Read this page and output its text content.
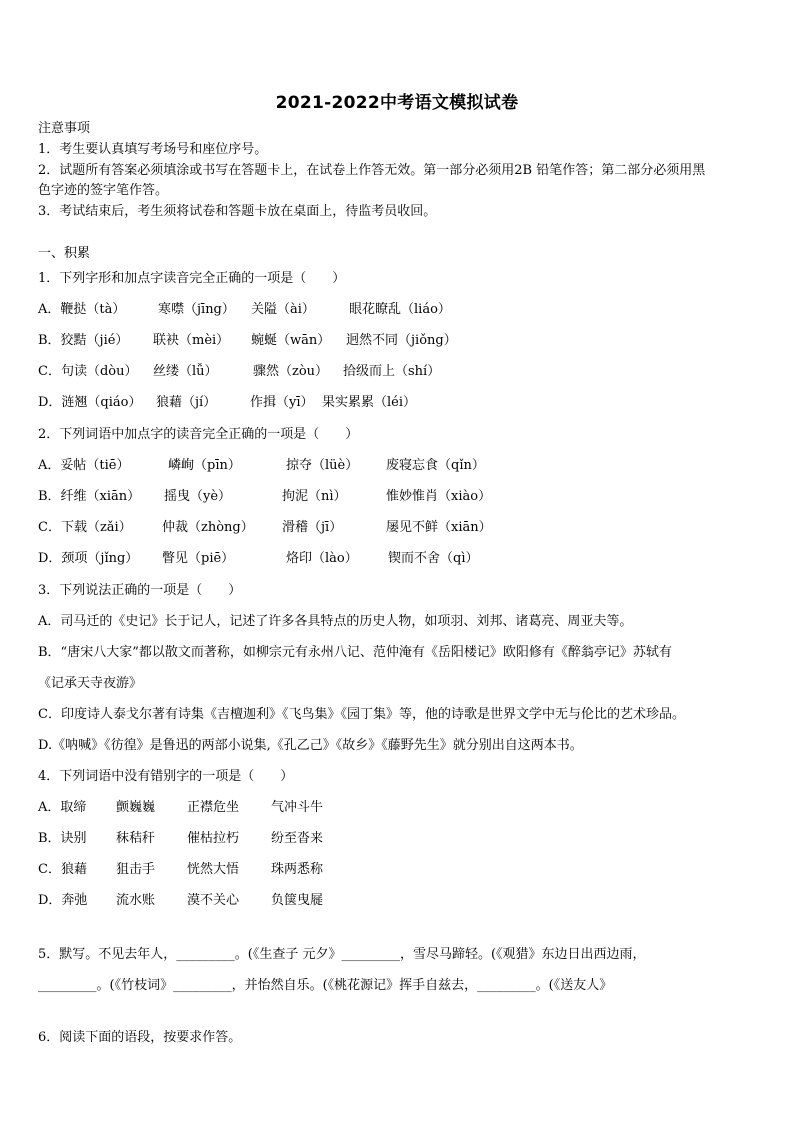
2021-2022中考语文模拟试卷
注意事项
1．考生要认真填写考场号和座位序号。
2．试题所有答案必须填涂或书写在答题卡上，在试卷上作答无效。第一部分必须用2B 铅笔作答；第二部分必须用黑
色字迹的签字笔作答。
3．考试结束后，考生须将试卷和答题卡放在桌面上，待监考员收回。
一、积累
1．下列字形和加点字读音完全正确的一项是（　　）
A．鞭挞（tà）	寒噤（jīng） 关隘（ài）	眼花瞭乱（liáo）
B．狡黠（jié） 联袂（mèi） 蜿蜒（wān） 迥然不同（jiǒng）
C．句读（dòu） 丝缕（lǚ）	骤然（zòu） 拾级而上（shí）
D．涟翘（qiáo） 狼藉（jí）	作揖（yī） 果实累累（léi）
2．下列词语中加点字的读音完全正确的一项是（　　）
A．妥帖（tiē）	嶙峋（pīn）	掠夺（lüè） 废寝忘食（qǐn）
B．纤维（xiān） 摇曳（yè）	拘泥（nì）	惟妙惟肖（xiào）
C．下载（zǎi） 仲裁（zhòng） 滑稽（jī）	屡见不鲜（xiān）
D．颈项（jǐng） 瞥见（piē）	烙印（lào） 锲而不舍（qì）
3．下列说法正确的一项是（　　）
A．司马迁的《史记》长于记人，记述了许多各具特点的历史人物，如项羽、刘邦、诸葛亮、周亚夫等。
B．“唐宋八大家”都以散文而著称，如柳宗元有永州八记、范仲淹有《岳阳楼记》欧阳修有《醉翁亭记》苏轼有
《记承天寺夜游》
C．印度诗人泰戈尔著有诗集《吉檀迦利》《飞鸟集》《园丁集》等，他的诗歌是世界文学中无与伦比的艺术珍品。
D.《呐喊》《彷徨》是鲁迅的两部小说集,《孔乙己》《故乡》《藤野先生》就分别出自这两本书。
4．下列词语中没有错别字的一项是（　　）
A．取缔 颤巍巍 正襟危坐 气冲斗牛
B．诀别 秣秸秆 催枯拉朽 纷至沓来
C．狼藉 狙击手 恍然大悟 珠两悉称
D．奔弛 流水账 漠不关心 负箧曳屣
5．默写。不见去年人，_________。(《生查子 元夕》_________，雪尽马蹄轻。(《观猎》东边日出西边雨，
_________。(《竹枝词》_________，并怡然自乐。(《桃花源记》挥手自兹去，_________。(《送友人》
6．阅读下面的语段，按要求作答。
